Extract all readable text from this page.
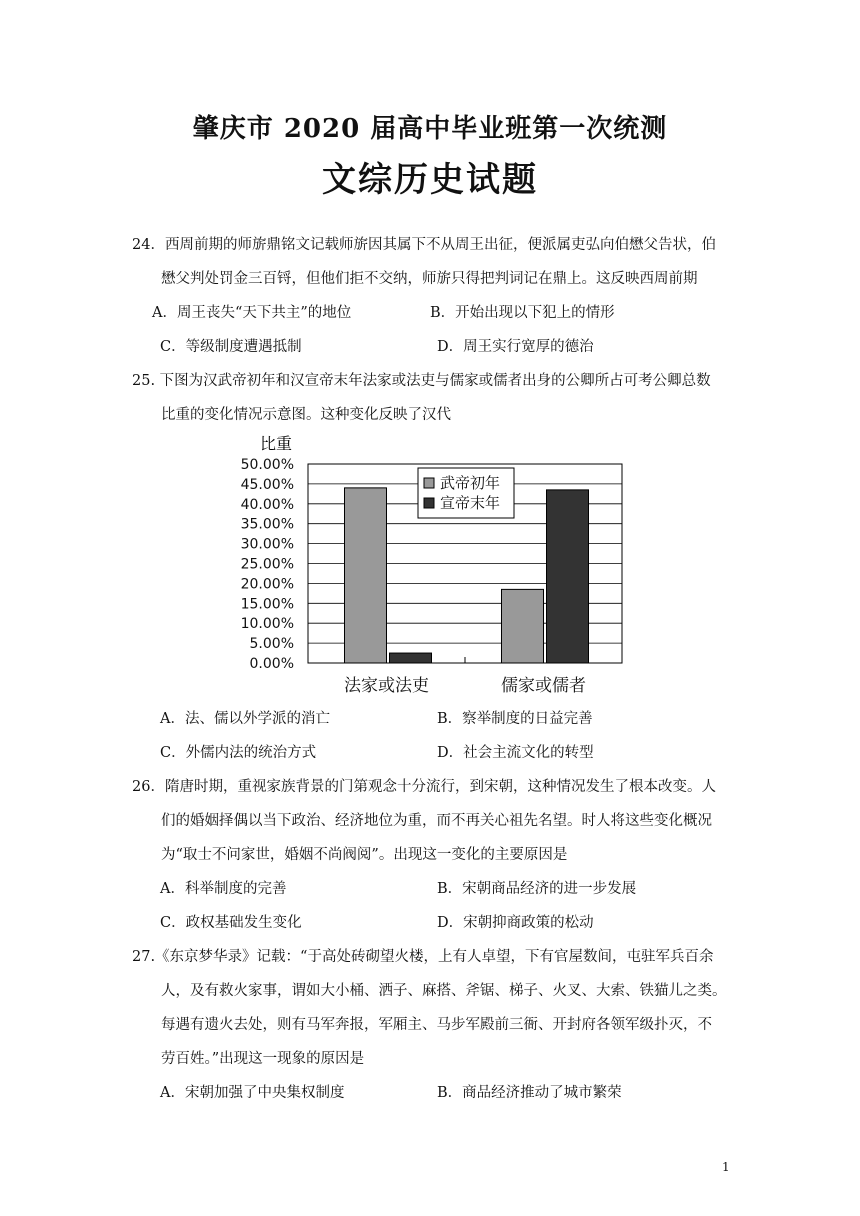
肇庆市 2020 届高中毕业班第一次统测
文综历史试题
24．西周前期的师旂鼎铭文记载师旂因其属下不从周王出征，便派属吏弘向伯懋父告状，伯
懋父判处罚金三百锊，但他们拒不交纳，师旂只得把判词记在鼎上。这反映西周前期
A．周王丧失“天下共主”的地位	B．开始出现以下犯上的情形
C．等级制度遭遇抵制	D．周王实行宽厚的德治
25. 下图为汉武帝初年和汉宣帝末年法家或法吏与儒家或儒者出身的公卿所占可考公卿总数
比重的变化情况示意图。这种变化反映了汉代
比重
0.00%
5.00%
10.00%
15.00%
20.00%
25.00%
30.00%
35.00%
40.00%
45.00%
50.00%
法家或法吏	儒家或儒者
武帝初年
宣帝末年
A．法、儒以外学派的消亡	B．察举制度的日益完善
C．外儒内法的统治方式	D．社会主流文化的转型
26．隋唐时期，重视家族背景的门第观念十分流行，到宋朝，这种情况发生了根本改变。人
们的婚姻择偶以当下政治、经济地位为重，而不再关心祖先名望。时人将这些变化概况
为“取士不问家世，婚姻不尚阀阅”。出现这一变化的主要原因是
A．科举制度的完善	B．宋朝商品经济的进一步发展
C．政权基础发生变化	D．宋朝抑商政策的松动
27.《东京梦华录》记载：“于高处砖砌望火楼，上有人卓望，下有官屋数间，屯驻军兵百余
人，及有救火家事，谓如大小桶、洒子、麻搭、斧锯、梯子、火叉、大索、铁猫儿之类。
每遇有遗火去处，则有马军奔报，军厢主、马步军殿前三衙、开封府各领军级扑灭，不
劳百姓。”出现这一现象的原因是
A．宋朝加强了中央集权制度	B．商品经济推动了城市繁荣
1
